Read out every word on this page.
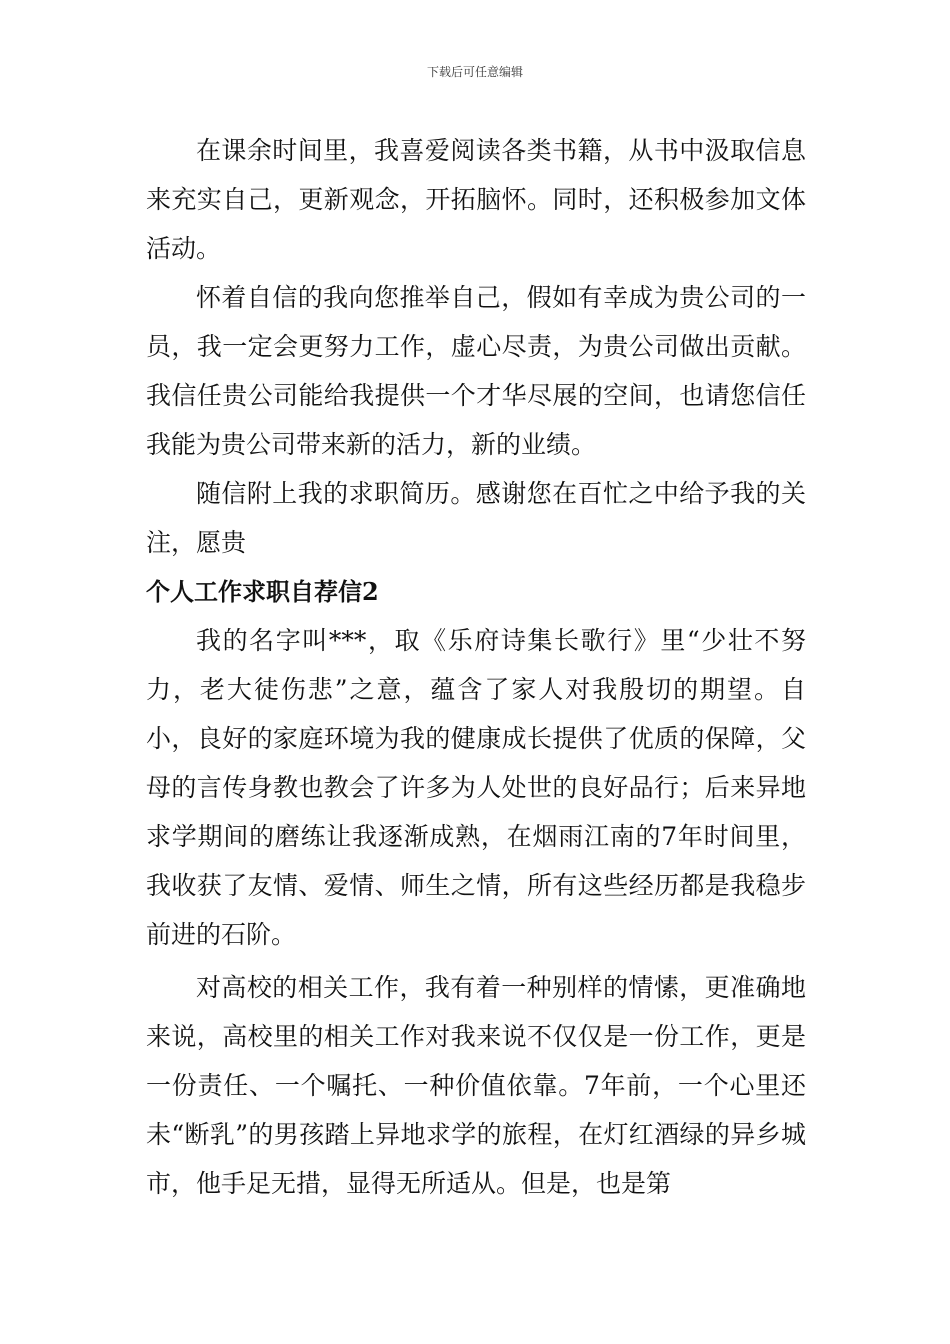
下载后可任意编辑

在课余时间里，我喜爱阅读各类书籍，从书中汲取信息来充实自己，更新观念，开拓脑怀。同时，还积极参加文体活动。

怀着自信的我向您推举自己，假如有幸成为贵公司的一员，我一定会更努力工作，虚心尽责，为贵公司做出贡献。我信任贵公司能给我提供一个才华尽展的空间，也请您信任我能为贵公司带来新的活力，新的业绩。

随信附上我的求职简历。感谢您在百忙之中给予我的关注，愿贵

个人工作求职自荐信2

我的名字叫***，取《乐府诗集长歌行》里“少壮不努力，老大徒伤悲”之意，蕴含了家人对我殷切的期望。自小，良好的家庭环境为我的健康成长提供了优质的保障，父母的言传身教也教会了许多为人处世的良好品行；后来异地求学期间的磨练让我逐渐成熟，在烟雨江南的7年时间里，我收获了友情、爱情、师生之情，所有这些经历都是我稳步前进的石阶。

对高校的相关工作，我有着一种别样的情愫，更准确地来说，高校里的相关工作对我来说不仅仅是一份工作，更是一份责任、一个嘱托、一种价值依靠。7年前，一个心里还未“断乳”的男孩踏上异地求学的旅程，在灯红酒绿的异乡城市，他手足无措，显得无所适从。但是，也是第
